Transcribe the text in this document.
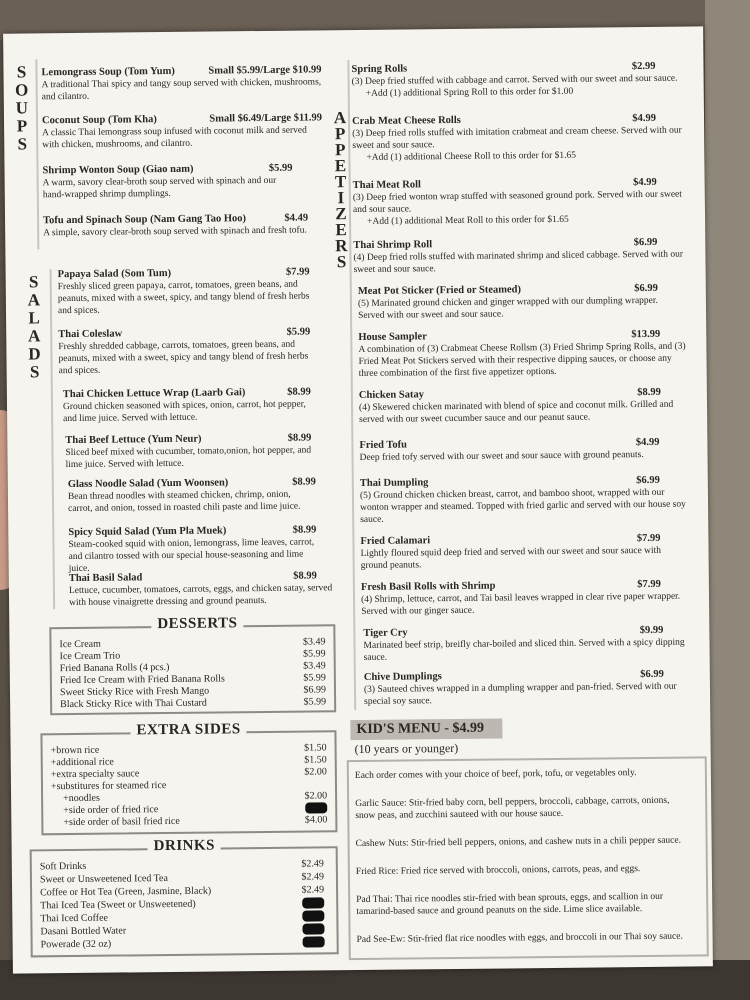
S
O
U
P
S
Lemongrass Soup (Tom Yum)	Small $5.99/Large $10.99
A traditional Thai spicy and tangy soup served with chicken, mushrooms, and cilantro.
Coconut Soup (Tom Kha)	Small $6.49/Large $11.99
A classic Thai lemongrass soup infused with coconut milk and served with chicken, mushrooms, and cilantro.
Shrimp Wonton Soup (Giao nam)	$5.99
A warm, savory clear-broth soup served with spinach and our hand-wrapped shrimp dumplings.
Tofu and Spinach Soup (Nam Gang Tao Hoo)	$4.49
A simple, savory clear-broth soup served with spinach and fresh tofu.
S
A
L
A
D
S
Papaya Salad (Som Tum)	$7.99
Freshly sliced green papaya, carrot, tomatoes, green beans, and peanuts, mixed with a sweet, spicy, and tangy blend of fresh herbs and spices.
Thai Coleslaw	$5.99
Freshly shredded cabbage, carrots, tomatoes, green beans, and peanuts, mixed with a sweet, spicy and tangy blend of fresh herbs and spices.
Thai Chicken Lettuce Wrap (Laarb Gai)	$8.99
Ground chicken seasoned with spices, onion, carrot, hot pepper, and lime juice. Served with lettuce.
Thai Beef Lettuce (Yum Neur)	$8.99
Sliced beef mixed with cucumber, tomato,onion, hot pepper, and lime juice. Served with lettuce.
Glass Noodle Salad (Yum Woonsen)	$8.99
Bean thread noodles with steamed chicken, chrimp, onion, carrot, and onion, tossed in roasted chili paste and lime juice.
Spicy Squid Salad (Yum Pla Muek)	$8.99
Steam-cooked squid with onion, lemongrass, lime leaves, carrot, and cilantro tossed with our special house-seasoning and lime juice.
Thai Basil Salad	$8.99
Lettuce, cucumber, tomatoes, carrots, eggs, and chicken satay, served with house vinaigrette dressing and ground peanuts.
DESSERTS
Ice Cream	$3.49
Ice Cream Trio	$5.99
Fried Banana Rolls (4 pcs.)	$3.49
Fried Ice Cream with Fried Banana Rolls	$5.99
Sweet Sticky Rice with Fresh Mango	$6.99
Black Sticky Rice with Thai Custard	$5.99
EXTRA SIDES
+brown rice	$1.50
+additional rice	$1.50
+extra specialty sauce	$2.00
+substitures for steamed rice
+noodles	$2.00
+side order of fried rice
+side order of basil fried rice	$4.00
DRINKS
Soft Drinks	$2.49
Sweet or Unsweetened Iced Tea	$2.49
Coffee or Hot Tea (Green, Jasmine, Black)	$2.49
Thai Iced Tea (Sweet or Unsweetened)
Thai Iced Coffee
Dasani Bottled Water
Powerade (32 oz)
A
P
P
E
T
I
Z
E
R
S
Spring Rolls	$2.99
(3) Deep fried stuffed with cabbage and carrot. Served with our sweet and sour sauce.
+Add (1) additional Spring Roll to this order for $1.00
Crab Meat Cheese Rolls	$4.99
(3) Deep fried rolls stuffed with imitation crabmeat and cream cheese. Served with our sweet and sour sauce.
+Add (1) additional Cheese Roll to this order for $1.65
Thai Meat Roll	$4.99
(3) Deep fried wonton wrap stuffed with seasoned ground pork. Served with our sweet and sour sauce.
+Add (1) additional Meat Roll to this order for $1.65
Thai Shrimp Roll	$6.99
(4) Deep fried rolls stuffed with marinated shrimp and sliced cabbage. Served with our sweet and sour sauce.
Meat Pot Sticker (Fried or Steamed)	$6.99
(5) Marinated ground chicken and ginger wrapped with our dumpling wrapper. Served with our sweet and sour sauce.
House Sampler	$13.99
A combination of (3) Crabmeat Cheese Rollsm (3) Fried Shrimp Spring Rolls, and (3) Fried Meat Pot Stickers served with their respective dipping sauces, or choose any three combination of the first five appetizer options.
Chicken Satay	$8.99
(4) Skewered chicken marinated with blend of spice and coconut milk. Grilled and served with our sweet cucumber sauce and our peanut sauce.
Fried Tofu	$4.99
Deep fried tofy served with our sweet and sour sauce with ground peanuts.
Thai Dumpling	$6.99
(5) Ground chicken chicken breast, carrot, and bamboo shoot, wrapped with our wonton wrapper and steamed. Topped with fried garlic and served with our house soy sauce.
Fried Calamari	$7.99
Lightly floured squid deep fried and served with our sweet and sour sauce with ground peanuts.
Fresh Basil Rolls with Shrimp	$7.99
(4) Shrimp, lettuce, carrot, and Tai basil leaves wrapped in clear rive paper wrapper. Served with our ginger sauce.
Tiger Cry	$9.99
Marinated beef strip, breifly char-boiled and sliced thin. Served with a spicy dipping sauce.
Chive Dumplings	$6.99
(3) Sauteed chives wrapped in a dumpling wrapper and pan-fried. Served with our special soy sauce.
KID'S MENU - $4.99
(10 years or younger)
Each order comes with your choice of beef, pork, tofu, or vegetables only.
Garlic Sauce: Stir-fried baby corn, bell peppers, broccoli, cabbage, carrots, onions, snow peas, and zucchini sauteed with our house sauce.
Cashew Nuts: Stir-fried bell peppers, onions, and cashew nuts in a chili pepper sauce.
Fried Rice: Fried rice served with broccoli, onions, carrots, peas, and eggs.
Pad Thai: Thai rice noodles stir-fried with bean sprouts, eggs, and scallion in our tamarind-based sauce and ground peanuts on the side. Lime slice available.
Pad See-Ew: Stir-fried flat rice noodles with eggs, and broccoli in our Thai soy sauce.
